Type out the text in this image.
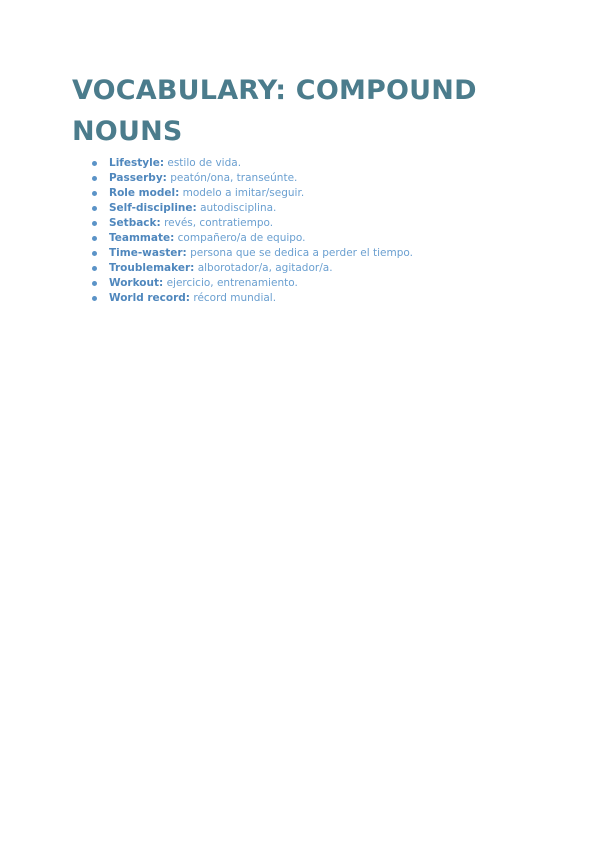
VOCABULARY: COMPOUND NOUNS
Lifestyle: estilo de vida.
Passerby: peatón/ona, transeúnte.
Role model: modelo a imitar/seguir.
Self-discipline: autodisciplina.
Setback: revés, contratiempo.
Teammate: compañero/a de equipo.
Time-waster: persona que se dedica a perder el tiempo.
Troublemaker: alborotador/a, agitador/a.
Workout: ejercicio, entrenamiento.
World record: récord mundial.
